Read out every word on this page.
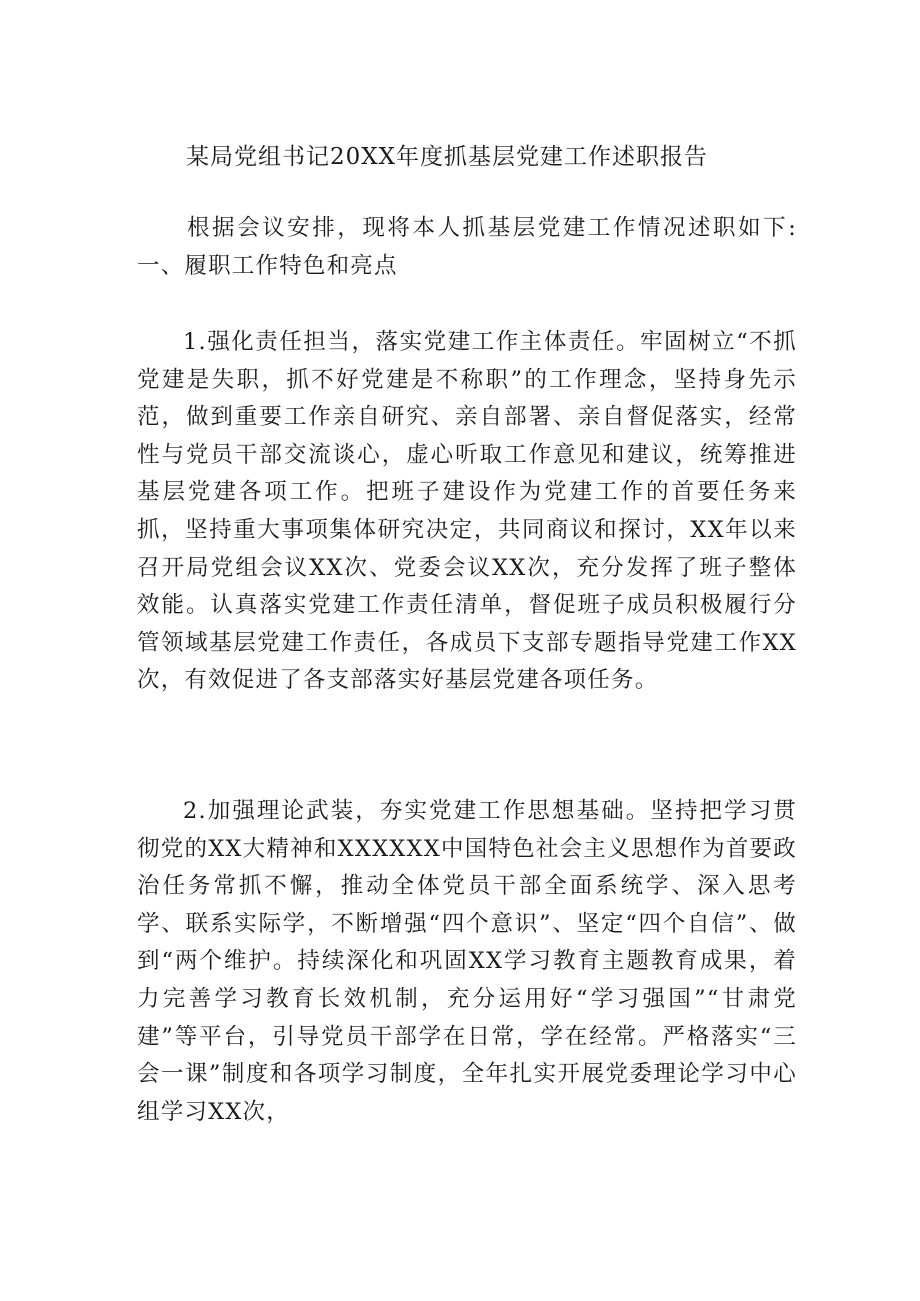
某局党组书记20XX年度抓基层党建工作述职报告
根据会议安排，现将本人抓基层党建工作情况述职如下:一、履职工作特色和亮点
1.强化责任担当，落实党建工作主体责任。牢固树立“不抓党建是失职，抓不好党建是不称职”的工作理念，坚持身先示范，做到重要工作亲自研究、亲自部署、亲自督促落实，经常性与党员干部交流谈心，虚心听取工作意见和建议，统筹推进基层党建各项工作。把班子建设作为党建工作的首要任务来抓，坚持重大事项集体研究决定，共同商议和探讨，XX年以来召开局党组会议XX次、党委会议XX次，充分发挥了班子整体效能。认真落实党建工作责任清单，督促班子成员积极履行分管领域基层党建工作责任，各成员下支部专题指导党建工作XX次，有效促进了各支部落实好基层党建各项任务。
2.加强理论武装，夯实党建工作思想基础。坚持把学习贯彻党的XX大精神和XXXXXX中国特色社会主义思想作为首要政治任务常抓不懈，推动全体党员干部全面系统学、深入思考学、联系实际学，不断增强“四个意识”、坚定“四个自信”、做到“两个维护。持续深化和巩固XX学习教育主题教育成果，着力完善学习教育长效机制，充分运用好“学习强国”“甘肃党建”等平台，引导党员干部学在日常，学在经常。严格落实“三会一课”制度和各项学习制度，全年扎实开展党委理论学习中心组学习XX次，
